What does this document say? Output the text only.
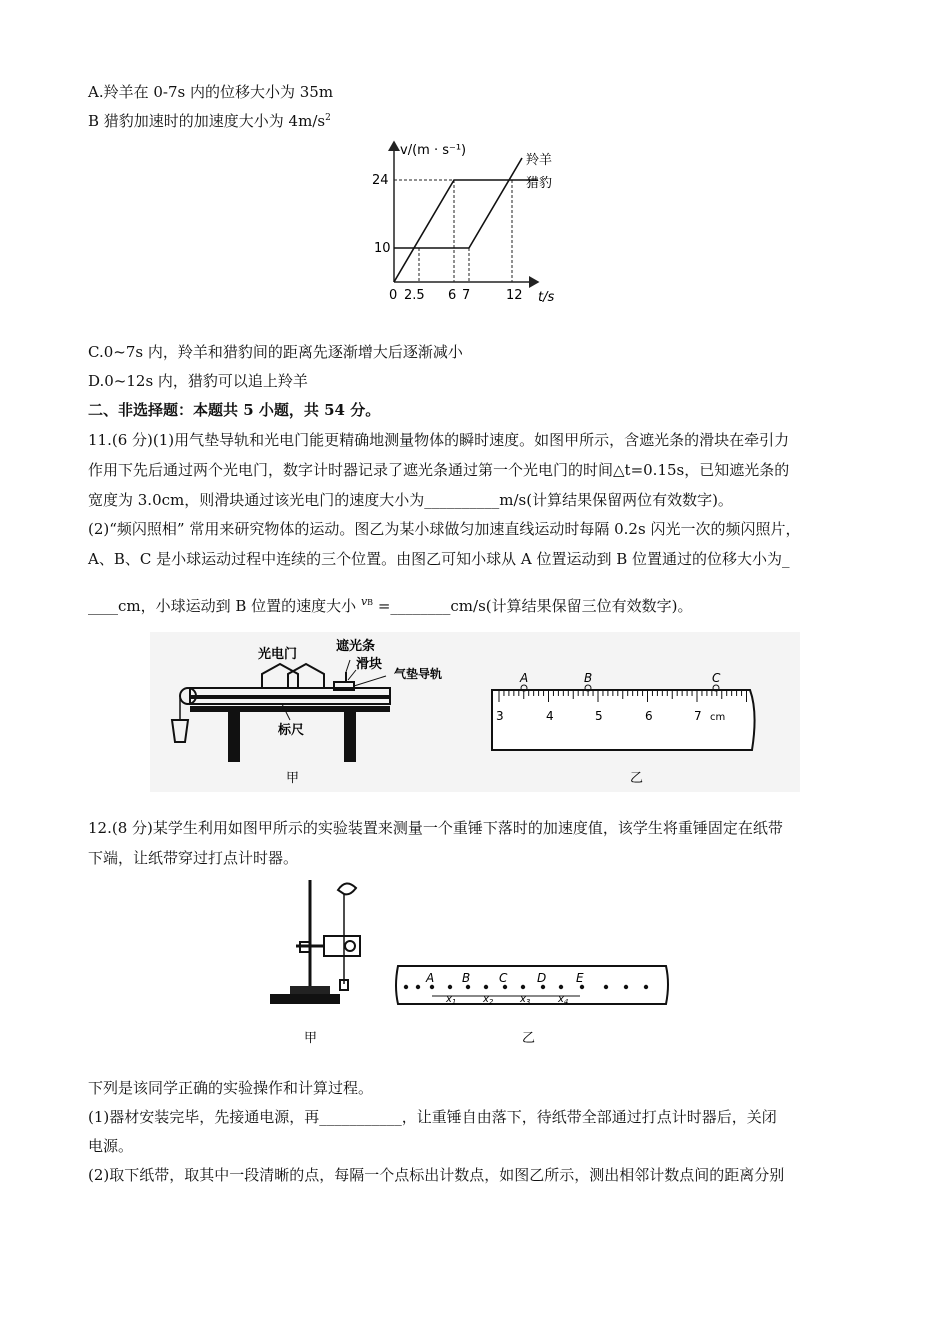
A.羚羊在 0-7s 内的位移大小为 35m
B 猎豹加速时的加速度大小为 $4m/s^2$
v/(m · s⁻¹)
t/s
24
10
0 2.5 6 7	12
羚羊
猎豹
C.0~7s 内，羚羊和猎豹间的距离先逐渐增大后逐渐减小
D.0~12s 内，猎豹可以追上羚羊
二、非选择题：本题共 5 小题，共 54 分。
11.(6 分)(1)用气垫导轨和光电门能更精确地测量物体的瞬时速度。如图甲所示，含遮光条的滑块在牵引力
作用下先后通过两个光电门，数字计时器记录了遮光条通过第一个光电门的时间△t=0.15s，已知遮光条的
宽度为 3.0cm，则滑块通过该光电门的速度大小为__________m/s(计算结果保留两位有效数字)。
(2)“频闪照相” 常用来研究物体的运动。图乙为某小球做匀加速直线运动时每隔 0.2s 闪光一次的频闪照片，
A、B、C 是小球运动过程中连续的三个位置。由图乙可知小球从 A 位置运动到 B 位置通过的位移大小为_
____cm，小球运动到 B 位置的速度大小 $^{vB}$ =________cm/s(计算结果保留三位有效数字)。
光电门
遮光条
滑块
气垫导轨
标尺
甲
3	4	5	6	7 cm
A	B	C
乙
12.(8 分)某学生利用如图甲所示的实验装置来测量一个重锤下落时的加速度值，该学生将重锤固定在纸带
下端，让纸带穿过打点计时器。
甲
A B C D E
$x_1$	$x_2$	$x_3$	$x_4$
乙
下列是该同学正确的实验操作和计算过程。
(1)器材安装完毕，先接通电源，再___________，让重锤自由落下，待纸带全部通过打点计时器后，关闭
电源。
(2)取下纸带，取其中一段清晰的点，每隔一个点标出计数点，如图乙所示，测出相邻计数点间的距离分别
